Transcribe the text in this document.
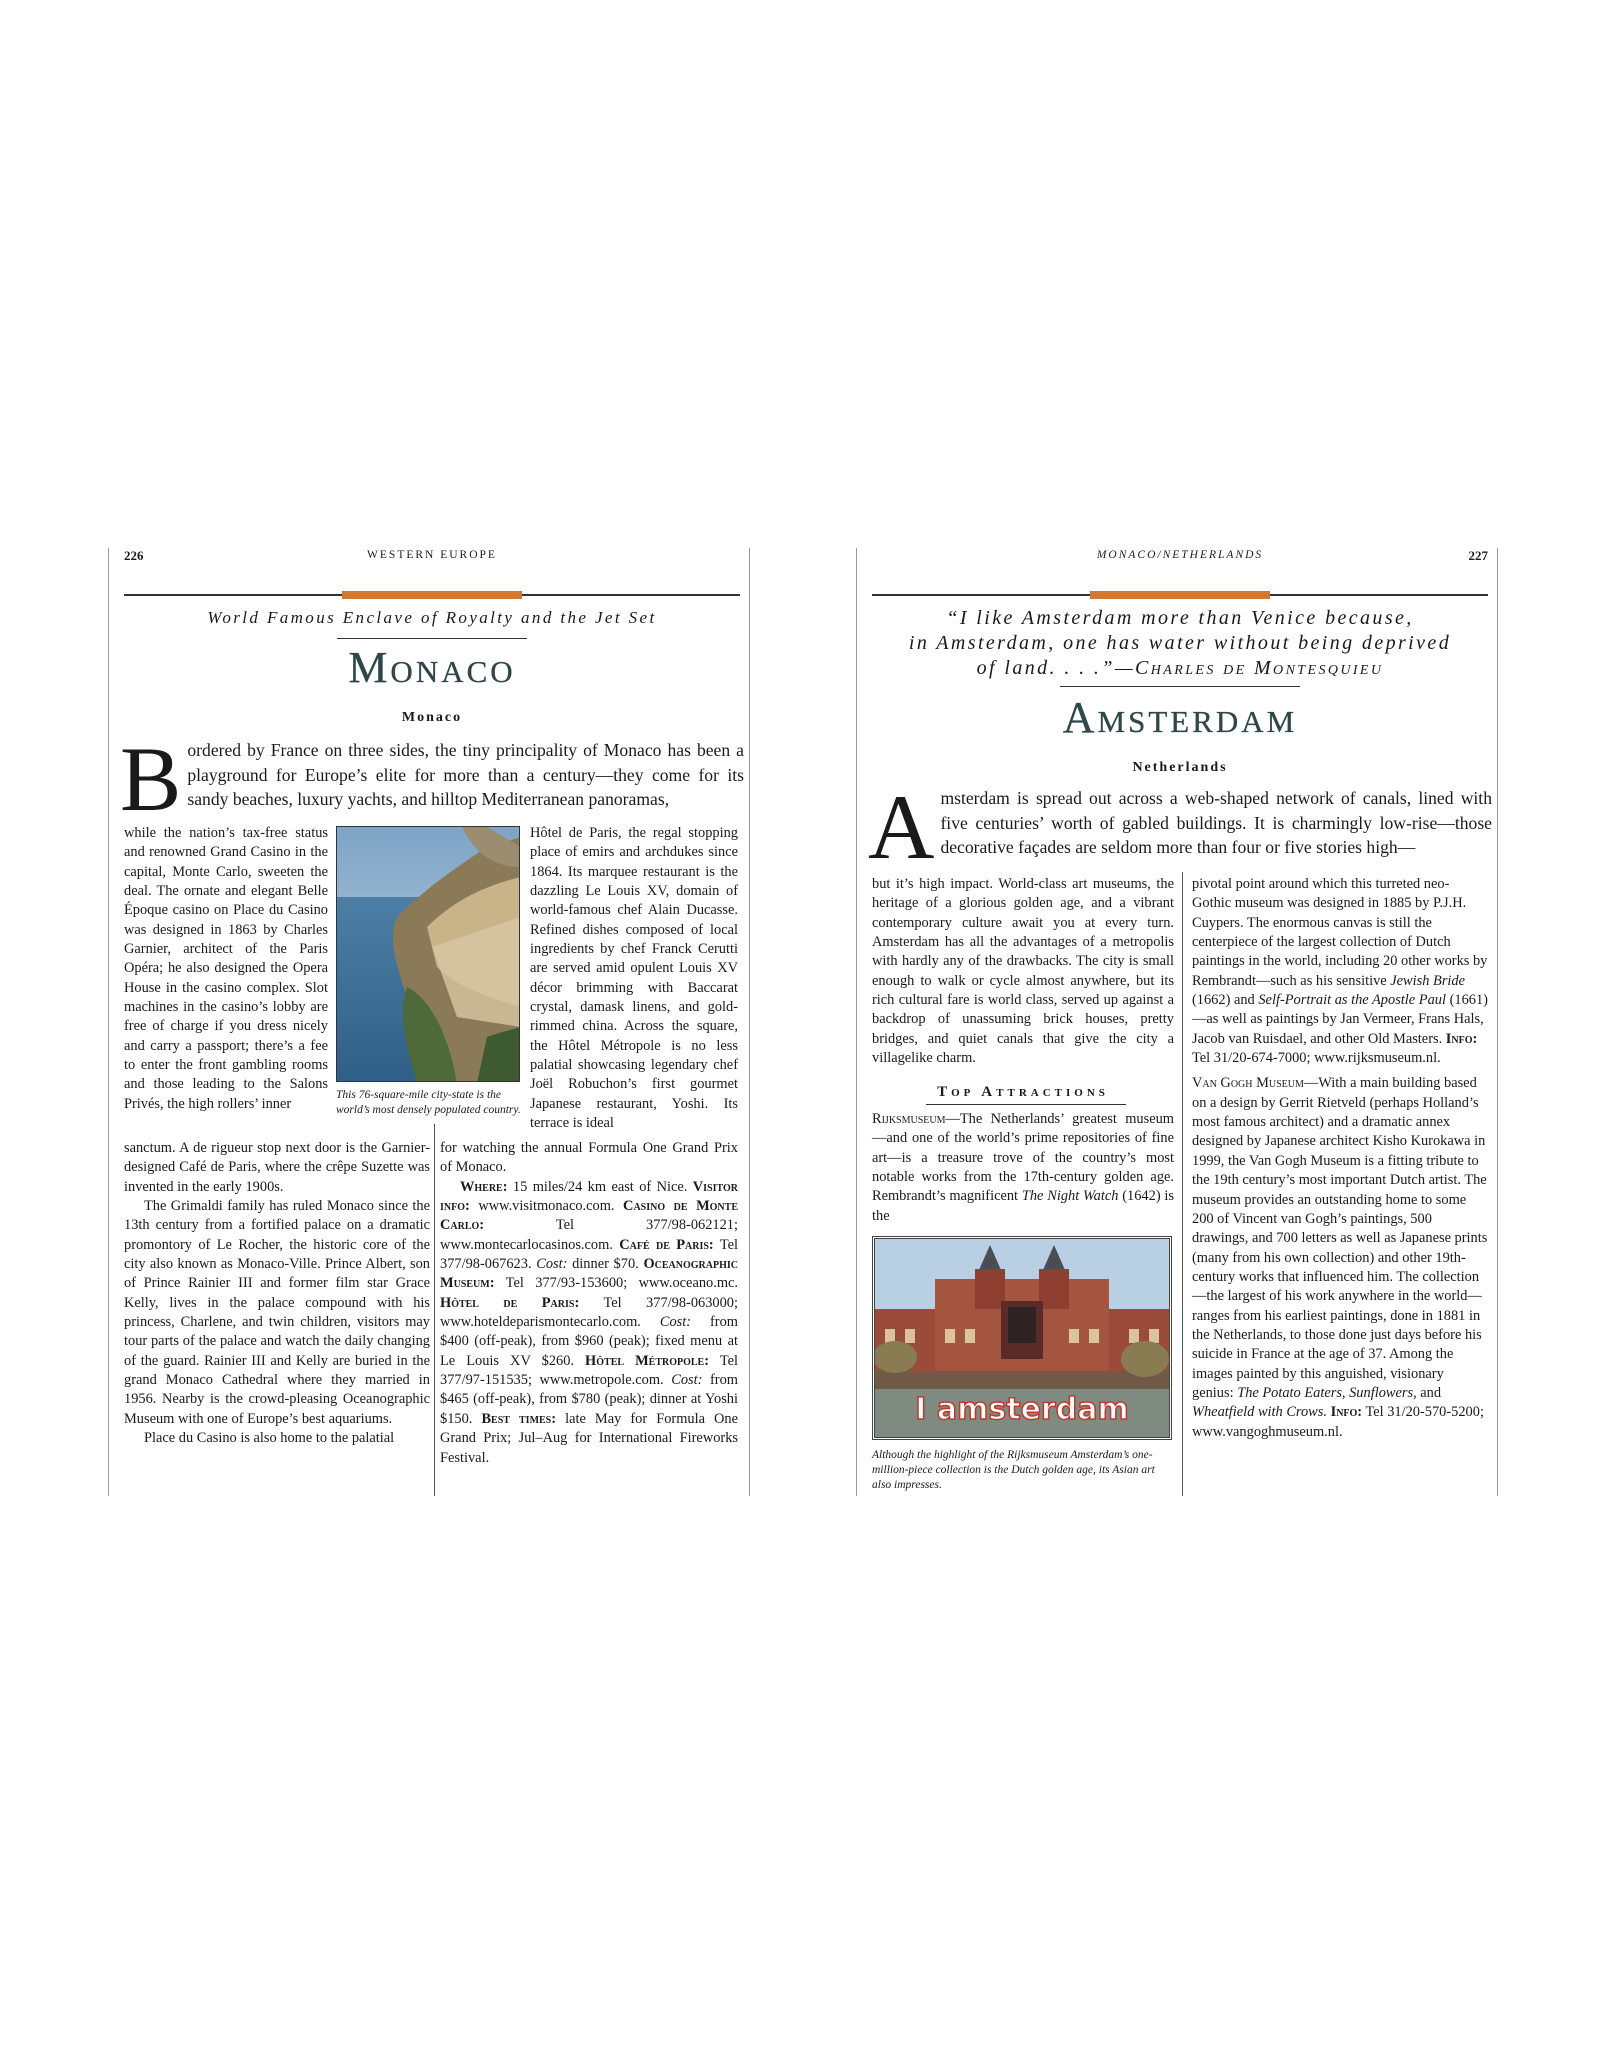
226	WESTERN EUROPE
World Famous Enclave of Royalty and the Jet Set
Monaco
Monaco
Bordered by France on three sides, the tiny principality of Monaco has been a playground for Europe’s elite for more than a century—they come for its sandy beaches, luxury yachts, and hilltop Mediterranean panoramas,

while the nation’s tax-free status and renowned Grand Casino in the capital, Monte Carlo, sweeten the deal. The ornate and elegant Belle Époque casino on Place du Casino was designed in 1863 by Charles Garnier, architect of the Paris Opéra; he also designed the Opera House in the casino complex. Slot machines in the casino’s lobby are free of charge if you dress nicely and carry a passport; there’s a fee to enter the front gambling rooms and those leading to the Salons Privés, the high rollers’ inner

This 76-square-mile city-state is the world’s most densely populated country.

sanctum. A de rigueur stop next door is the Garnier-designed Café de Paris, where the crêpe Suzette was invented in the early 1900s.

The Grimaldi family has ruled Monaco since the 13th century from a fortified palace on a dramatic promontory of Le Rocher, the historic core of the city also known as Monaco-Ville. Prince Albert, son of Prince Rainier III and former film star Grace Kelly, lives in the palace compound with his princess, Charlene, and twin children, visitors may tour parts of the palace and watch the daily changing of the guard. Rainier III and Kelly are buried in the grand Monaco Cathedral where they married in 1956. Nearby is the crowd-pleasing Oceanographic Museum with one of Europe’s best aquariums.

Place du Casino is also home to the palatial

Hôtel de Paris, the regal stopping place of emirs and archdukes since 1864. Its marquee restaurant is the dazzling Le Louis XV, domain of world-famous chef Alain Ducasse. Refined dishes composed of local ingredients by chef Franck Cerutti are served amid opulent Louis XV décor brimming with Baccarat crystal, damask linens, and gold-rimmed china. Across the square, the Hôtel Métropole is no less palatial showcasing legendary chef Joël Robuchon’s first gourmet Japanese restaurant, Yoshi. Its terrace is ideal

for watching the annual Formula One Grand Prix of Monaco.

Where: 15 miles/24 km east of Nice. Visitor info: www.visitmonaco.com. Casino de Monte Carlo:	Tel 377/98-062121; www.montecarlocasinos.com. Café de Paris: Tel 377/98-067623. Cost: dinner $70. Oceanographic Museum: Tel 377/93-153600; www.oceano.mc. Hôtel de Paris: Tel 377/98-063000; www.hoteldeparismontecarlo.com. Cost: from $400 (off-peak), from $960 (peak); fixed menu at Le Louis XV $260. Hôtel Métropole: Tel 377/97-151535; www.metropole.com. Cost: from $465 (off-peak), from $780 (peak); dinner at Yoshi $150. Best times: late May for Formula One Grand Prix; Jul–Aug for International Fireworks Festival.

MONACO/NETHERLANDS	227
“I like Amsterdam more than Venice because,
in Amsterdam, one has water without being deprived
of land. . . .”—Charles de Montesquieu
Amsterdam
Netherlands
Amsterdam is spread out across a web-shaped network of canals, lined with five centuries’ worth of gabled buildings. It is charmingly low-rise—those decorative façades are seldom more than four or five stories high—

but it’s high impact. World-class art museums, the heritage of a glorious golden age, and a vibrant contemporary culture await you at every turn. Amsterdam has all the advantages of a metropolis with hardly any of the drawbacks. The city is small enough to walk or cycle almost anywhere, but its rich cultural fare is world class, served up against a backdrop of unassuming brick houses, pretty bridges, and quiet canals that give the city a villagelike charm.

Top Attractions

Rijksmuseum—The Netherlands’ greatest museum—and one of the world’s prime repositories of fine art—is a treasure trove of the country’s most notable works from the 17th-century golden age. Rembrandt’s magnificent The Night Watch (1642) is the

I amsterdam
Although the highlight of the Rijksmuseum Amsterdam’s one-million-piece collection is the Dutch golden age, its Asian art also impresses.

pivotal point around which this turreted neo-Gothic museum was designed in 1885 by P.J.H. Cuypers. The enormous canvas is still the centerpiece of the largest collection of Dutch paintings in the world, including 20 other works by Rembrandt—such as his sensitive Jewish Bride (1662) and Self-Portrait as the Apostle Paul (1661)—as well as paintings by Jan Vermeer, Frans Hals, Jacob van Ruisdael, and other Old Masters. Info: Tel 31/20-674-7000; www.rijksmuseum.nl.

Van Gogh Museum—With a main building based on a design by Gerrit Rietveld (perhaps Holland’s most famous architect) and a dramatic annex designed by Japanese architect Kisho Kurokawa in 1999, the Van Gogh Museum is a fitting tribute to the 19th century’s most important Dutch artist. The museum provides an outstanding home to some 200 of Vincent van Gogh’s paintings, 500 drawings, and 700 letters as well as Japanese prints (many from his own collection) and other 19th-century works that influenced him. The collection—the largest of his work anywhere in the world—ranges from his earliest paintings, done in 1881 in the Netherlands, to those done just days before his suicide in France at the age of 37. Among the images painted by this anguished, visionary genius: The Potato Eaters, Sunflowers, and Wheatfield with Crows. Info: Tel 31/20-570-5200; www.vangoghmuseum.nl.
